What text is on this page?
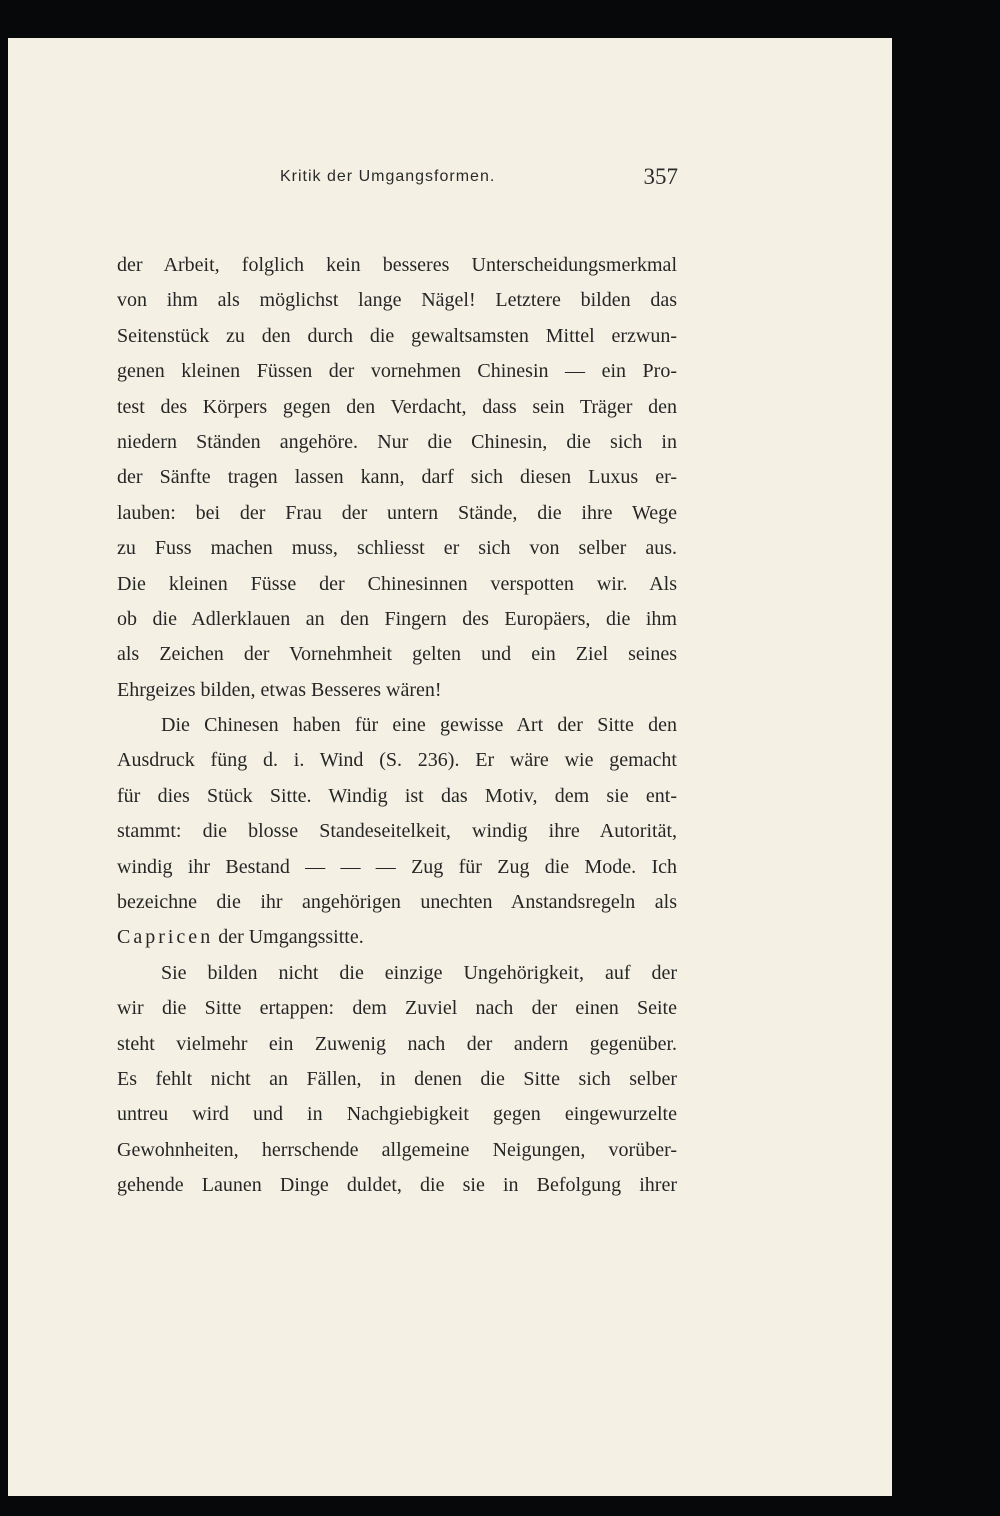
Kritik der Umgangsformen.	357
der Arbeit, folglich kein besseres Unterscheidungsmerkmal
von ihm als möglichst lange Nägel! Letztere bilden das
Seitenstück zu den durch die gewaltsamsten Mittel erzwun-
genen kleinen Füssen der vornehmen Chinesin — ein Pro-
test des Körpers gegen den Verdacht, dass sein Träger den
niedern Ständen angehöre. Nur die Chinesin, die sich in
der Sänfte tragen lassen kann, darf sich diesen Luxus er-
lauben: bei der Frau der untern Stände, die ihre Wege
zu Fuss machen muss, schliesst er sich von selber aus.
Die kleinen Füsse der Chinesinnen verspotten wir. Als
ob die Adlerklauen an den Fingern des Europäers, die ihm
als Zeichen der Vornehmheit gelten und ein Ziel seines
Ehrgeizes bilden, etwas Besseres wären!
Die Chinesen haben für eine gewisse Art der Sitte den
Ausdruck füng d. i. Wind (S. 236). Er wäre wie gemacht
für dies Stück Sitte. Windig ist das Motiv, dem sie ent-
stammt: die blosse Standeseitelkeit, windig ihre Autorität,
windig ihr Bestand — — — Zug für Zug die Mode. Ich
bezeichne die ihr angehörigen unechten Anstandsregeln als
Capricen der Umgangssitte.
Sie bilden nicht die einzige Ungehörigkeit, auf der
wir die Sitte ertappen: dem Zuviel nach der einen Seite
steht vielmehr ein Zuwenig nach der andern gegenüber.
Es fehlt nicht an Fällen, in denen die Sitte sich selber
untreu wird und in Nachgiebigkeit gegen eingewurzelte
Gewohnheiten, herrschende allgemeine Neigungen, vorüber-
gehende Launen Dinge duldet, die sie in Befolgung ihrer
